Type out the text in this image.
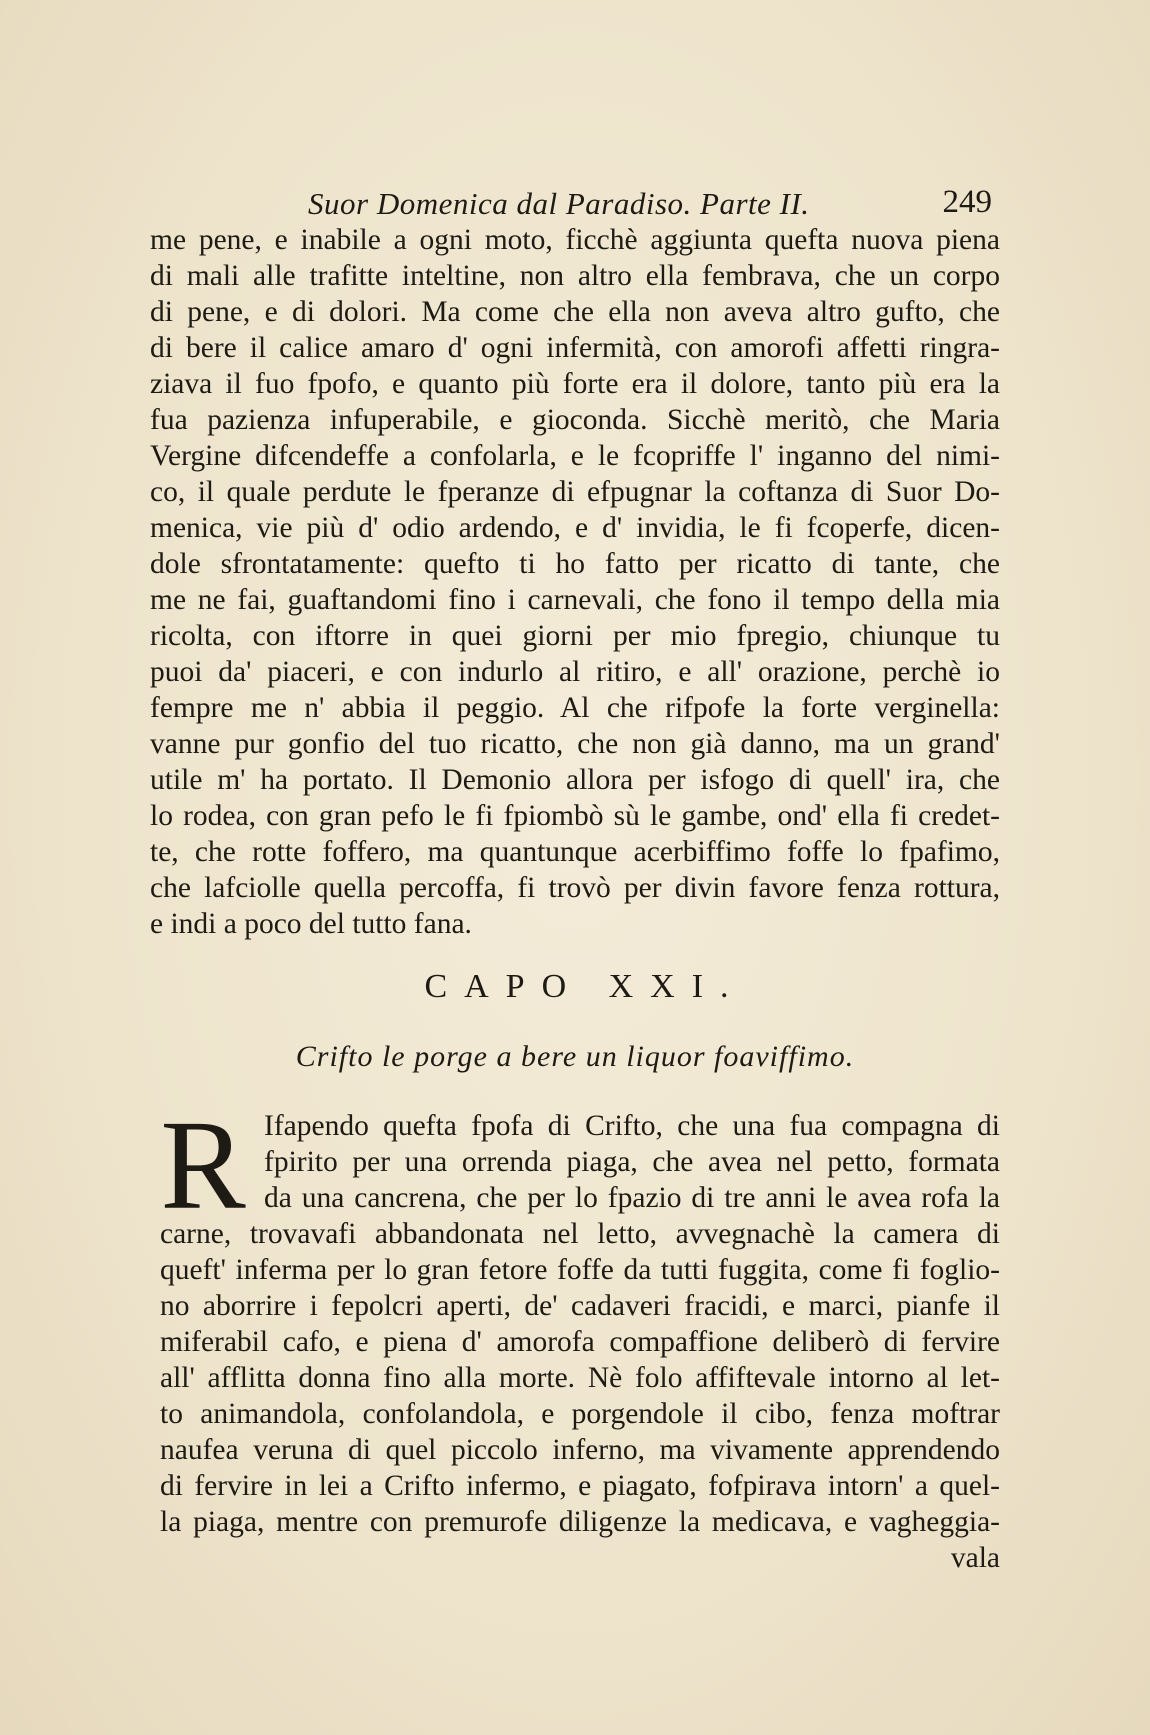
Suor Domenica dal Paradiso. Parte II.	249
me pene, e inabile a ogni moto, ficchè aggiunta quefta nuova piena
di mali alle trafitte inteltine, non altro ella fembrava, che un corpo
di pene, e di dolori. Ma come che ella non aveva altro gufto, che
di bere il calice amaro d' ogni infermità, con amorofi affetti ringra-
ziava il fuo fpofo, e quanto più forte era il dolore, tanto più era la
fua pazienza infuperabile, e gioconda. Sicchè meritò, che Maria
Vergine difcendeffe a confolarla, e le fcopriffe l' inganno del nimi-
co, il quale perdute le fperanze di efpugnar la coftanza di Suor Do-
menica, vie più d' odio ardendo, e d' invidia, le fi fcoperfe, dicen-
dole sfrontatamente: quefto ti ho fatto per ricatto di tante, che
me ne fai, guaftandomi fino i carnevali, che fono il tempo della mia
ricolta, con iftorre in quei giorni per mio fpregio, chiunque tu
puoi da' piaceri, e con indurlo al ritiro, e all' orazione, perchè io
fempre me n' abbia il peggio. Al che rifpofe la forte verginella:
vanne pur gonfio del tuo ricatto, che non già danno, ma un grand'
utile m' ha portato. Il Demonio allora per isfogo di quell' ira, che
lo rodea, con gran pefo le fi fpiombò sù le gambe, ond' ella fi credet-
te, che rotte foffero, ma quantunque acerbiffimo foffe lo fpafimo,
che lafciolle quella percoffa, fi trovò per divin favore fenza rottura,
e indi a poco del tutto fana.
CAPO XXI.
Crifto le porge a bere un liquor foaviffimo.
R Ifapendo quefta fpofa di Crifto, che una fua compagna di
fpirito per una orrenda piaga, che avea nel petto, formata
da una cancrena, che per lo fpazio di tre anni le avea rofa la
carne, trovavafi abbandonata nel letto, avvegnachè la camera di
queft' inferma per lo gran fetore foffe da tutti fuggita, come fi foglio-
no aborrire i fepolcri aperti, de' cadaveri fracidi, e marci, pianfe il
miferabil cafo, e piena d' amorofa compaffione deliberò di fervire
all' afflitta donna fino alla morte. Nè folo affiftevale intorno al let-
to animandola, confolandola, e porgendole il cibo, fenza moftrar
naufea veruna di quel piccolo inferno, ma vivamente apprendendo
di fervire in lei a Crifto infermo, e piagato, fofpirava intorn' a quel-
la piaga, mentre con premurofe diligenze la medicava, e vagheggia-
vala
